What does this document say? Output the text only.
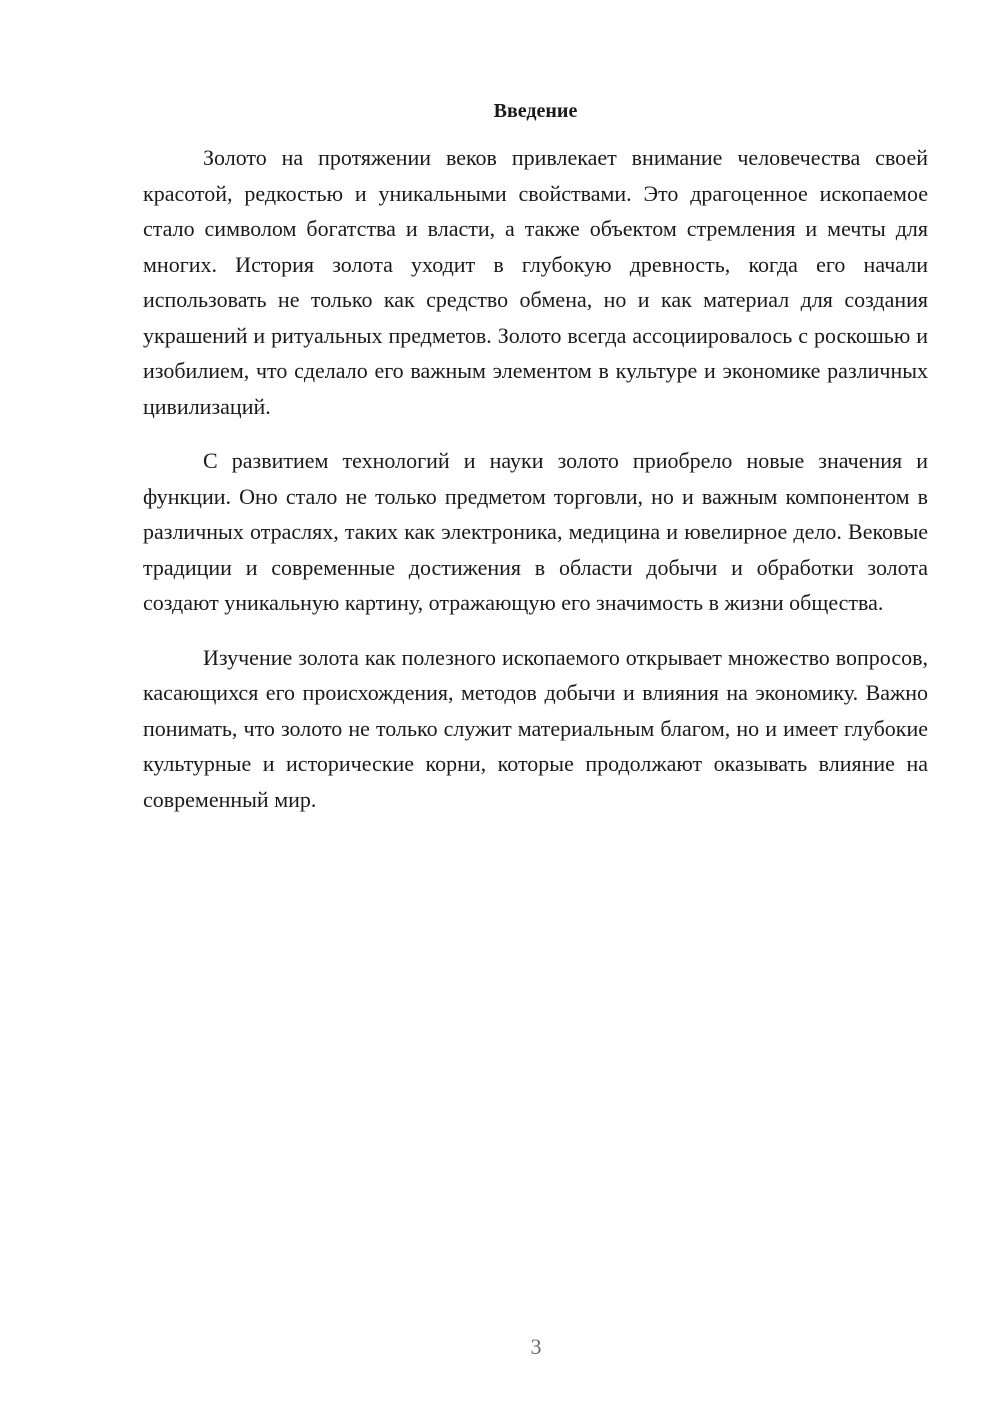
Введение

Золото на протяжении веков привлекает внимание человечества своей красотой, редкостью и уникальными свойствами. Это драгоценное ископаемое стало символом богатства и власти, а также объектом стремления и мечты для многих. История золота уходит в глубокую древность, когда его начали использовать не только как средство обмена, но и как материал для создания украшений и ритуальных предметов. Золото всегда ассоциировалось с роскошью и изобилием, что сделало его важным элементом в культуре и экономике различных цивилизаций.

С развитием технологий и науки золото приобрело новые значения и функции. Оно стало не только предметом торговли, но и важным компонентом в различных отраслях, таких как электроника, медицина и ювелирное дело. Вековые традиции и современные достижения в области добычи и обработки золота создают уникальную картину, отражающую его значимость в жизни общества.

Изучение золота как полезного ископаемого открывает множество вопросов, касающихся его происхождения, методов добычи и влияния на экономику. Важно понимать, что золото не только служит материальным благом, но и имеет глубокие культурные и исторические корни, которые продолжают оказывать влияние на современный мир.

3
